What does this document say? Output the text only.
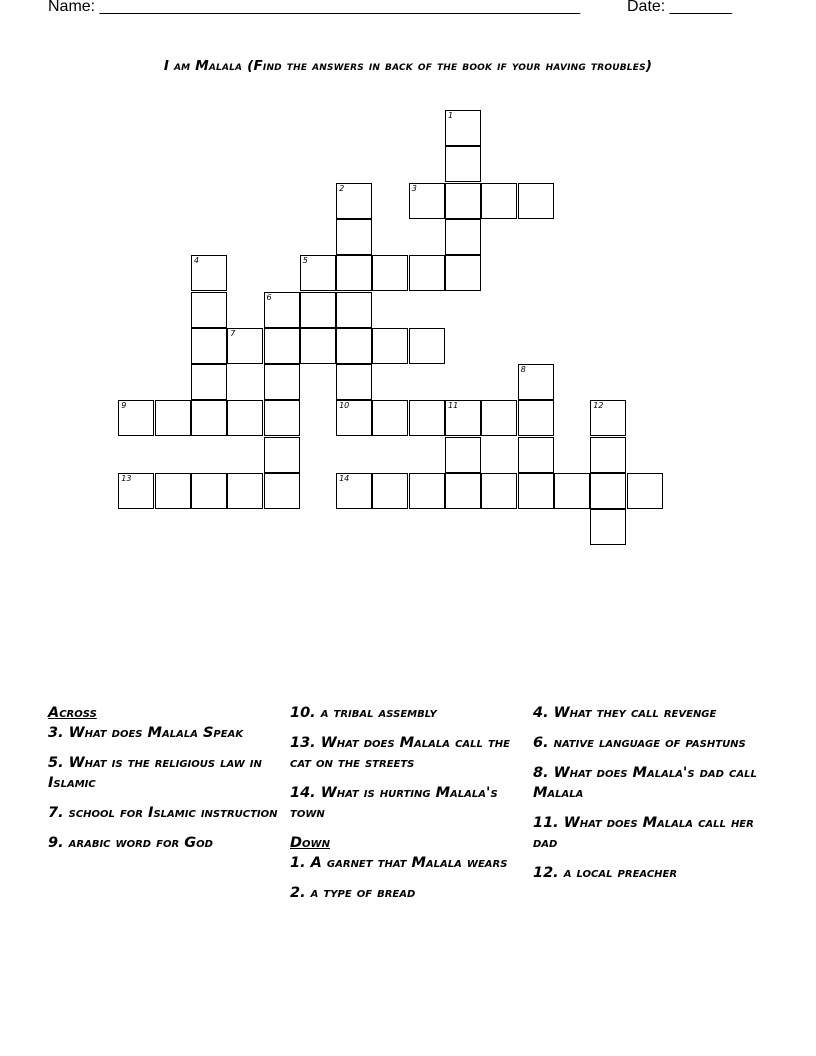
Name: ______________________________________________________	Date: _______
I am Malala (Find the answers in back of the book if your having troubles)
1
2	3
4	5
6
7
8
9	10	11	12
13	14

Across

3. What does Malala Speak

5. What is the religious law in Islamic

7. school for Islamic instruction

9. arabic word for God

10. a tribal assembly

13. What does Malala call the cat on the streets

14. What is hurting Malala's town

Down

1. A garnet that Malala wears

2. a type of bread

4. What they call revenge

6. native language of pashtuns

8. What does Malala's dad call Malala

11. What does Malala call her dad

12. a local preacher
